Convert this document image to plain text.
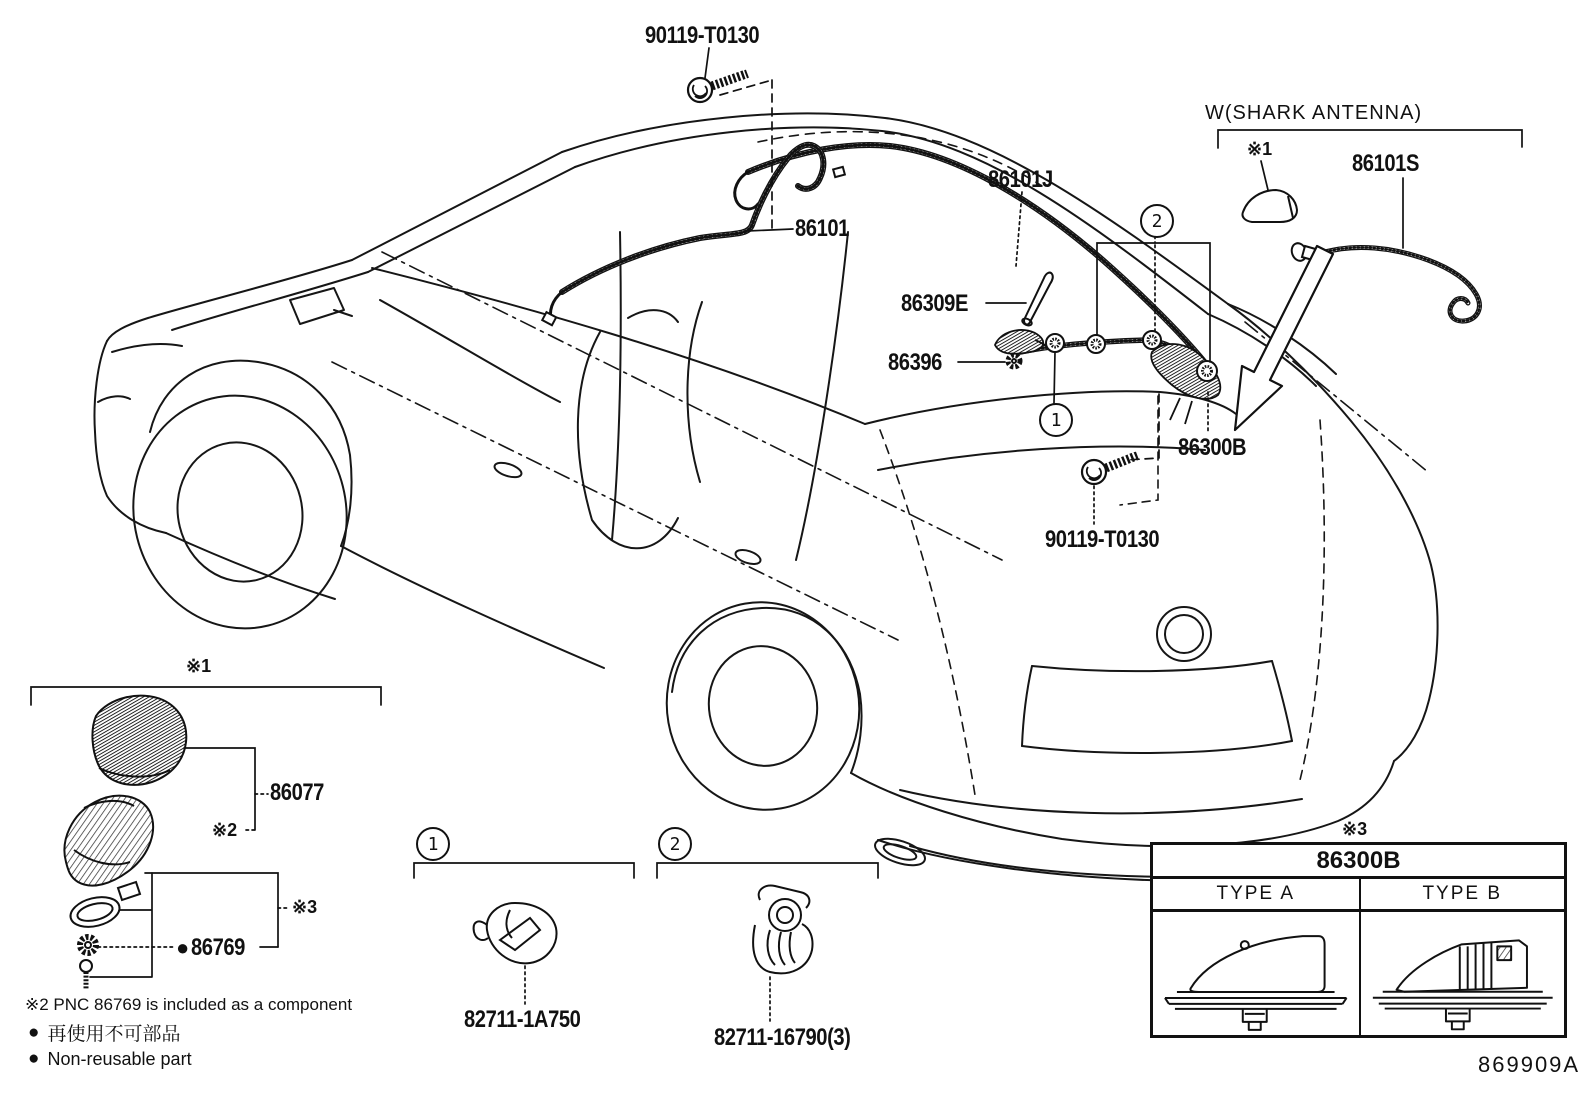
90119-T0130
W(SHARK ANTENNA)
※1
86101S
86101J
86101
86309E
86396
86300B
90119-T0130
2
1
※1
86077
※2
※3
● 86769
※2 PNC 86769 is included as a component
● 再使用不可部品
● Non-reusable part
1	2
82711-1A750
82711-16790(3)
※3
86300B
TYPE A	TYPE B
869909A
